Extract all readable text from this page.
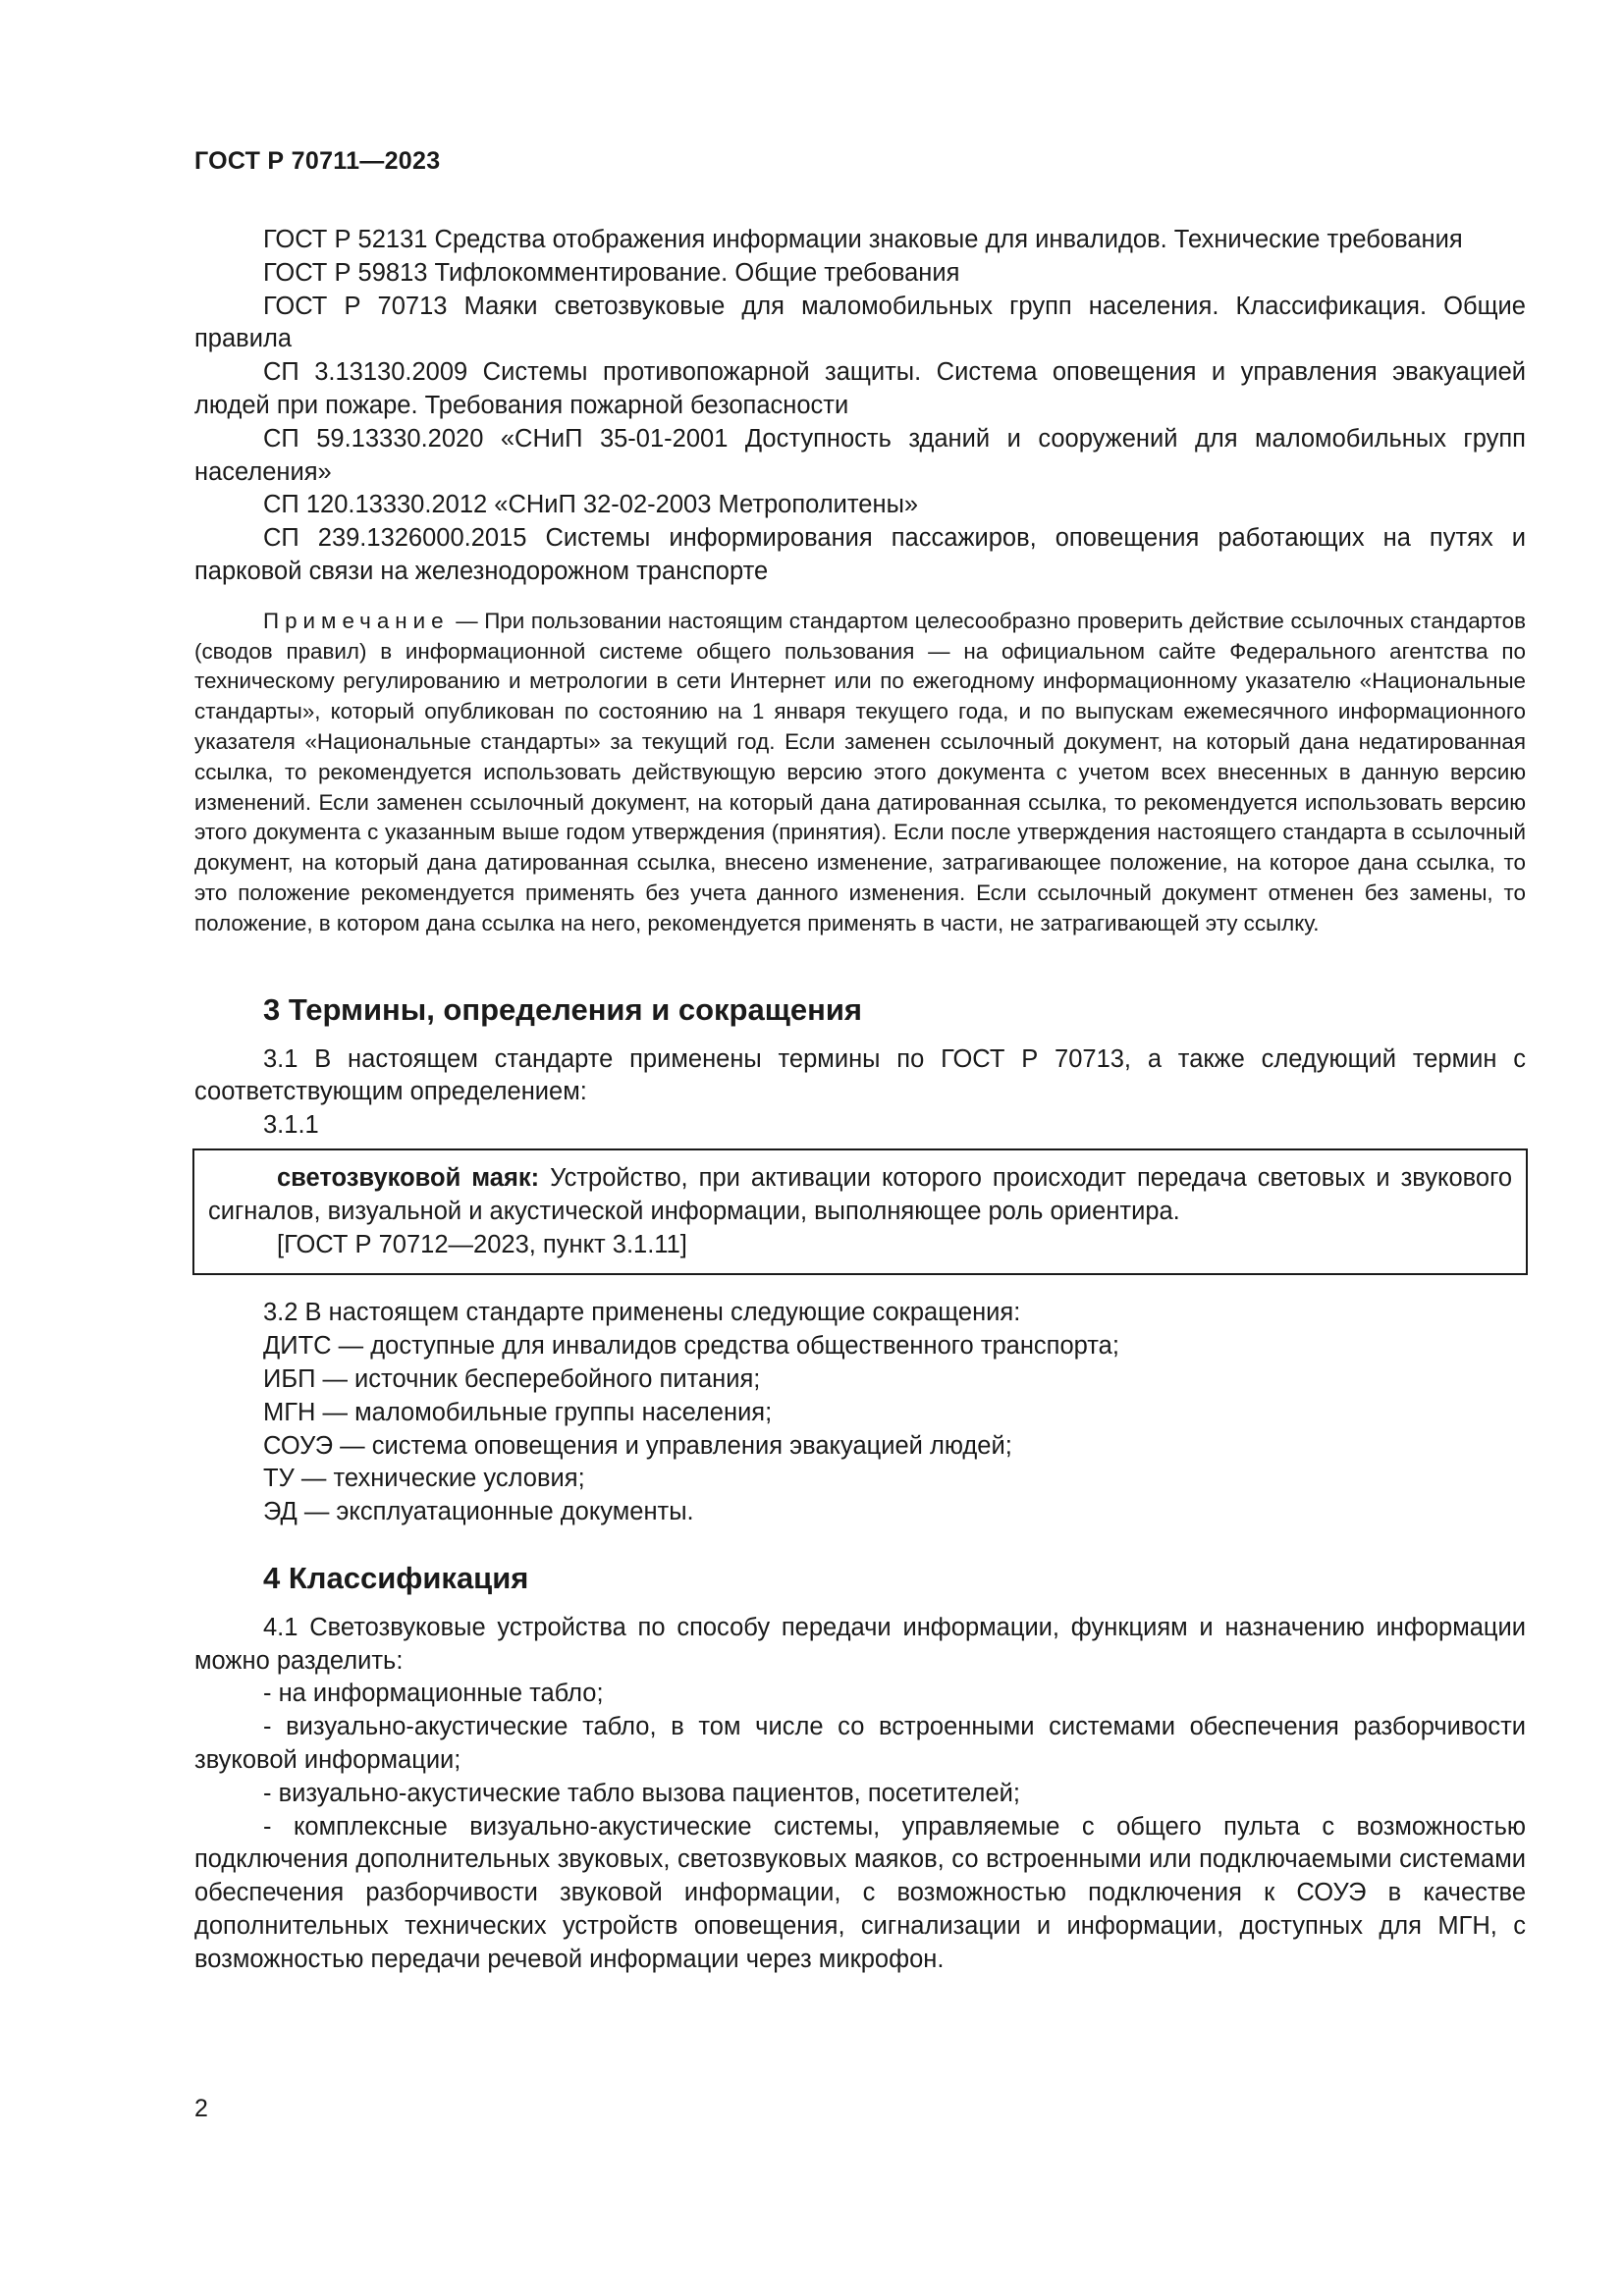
ГОСТ Р 70711—2023

ГОСТ Р 52131 Средства отображения информации знаковые для инвалидов. Технические требования

ГОСТ Р 59813 Тифлокомментирование. Общие требования

ГОСТ Р 70713 Маяки светозвуковые для маломобильных групп населения. Классификация. Общие правила

СП 3.13130.2009 Системы противопожарной защиты. Система оповещения и управления эвакуацией людей при пожаре. Требования пожарной безопасности

СП 59.13330.2020 «СНиП 35-01-2001 Доступность зданий и сооружений для маломобильных групп населения»

СП 120.13330.2012 «СНиП 32-02-2003 Метрополитены»

СП 239.1326000.2015 Системы информирования пассажиров, оповещения работающих на путях и парковой связи на железнодорожном транспорте

Примечание — При пользовании настоящим стандартом целесообразно проверить действие ссылочных стандартов (сводов правил) в информационной системе общего пользования — на официальном сайте Федерального агентства по техническому регулированию и метрологии в сети Интернет или по ежегодному информационному указателю «Национальные стандарты», который опубликован по состоянию на 1 января текущего года, и по выпускам ежемесячного информационного указателя «Национальные стандарты» за текущий год. Если заменен ссылочный документ, на который дана недатированная ссылка, то рекомендуется использовать действующую версию этого документа с учетом всех внесенных в данную версию изменений. Если заменен ссылочный документ, на который дана датированная ссылка, то рекомендуется использовать версию этого документа с указанным выше годом утверждения (принятия). Если после утверждения настоящего стандарта в ссылочный документ, на который дана датированная ссылка, внесено изменение, затрагивающее положение, на которое дана ссылка, то это положение рекомендуется применять без учета данного изменения. Если ссылочный документ отменен без замены, то положение, в котором дана ссылка на него, рекомендуется применять в части, не затрагивающей эту ссылку.

3 Термины, определения и сокращения

3.1 В настоящем стандарте применены термины по ГОСТ Р 70713, а также следующий термин с соответствующим определением:

3.1.1

светозвуковой маяк: Устройство, при активации которого происходит передача световых и звукового сигналов, визуальной и акустической информации, выполняющее роль ориентира.

[ГОСТ Р 70712—2023, пункт 3.1.11]

3.2 В настоящем стандарте применены следующие сокращения:

ДИТС — доступные для инвалидов средства общественного транспорта;

ИБП — источник бесперебойного питания;

МГН — маломобильные группы населения;

СОУЭ — система оповещения и управления эвакуацией людей;

ТУ — технические условия;

ЭД — эксплуатационные документы.

4 Классификация

4.1 Светозвуковые устройства по способу передачи информации, функциям и назначению информации можно разделить:

- на информационные табло;

- визуально-акустические табло, в том числе со встроенными системами обеспечения разборчивости звуковой информации;

- визуально-акустические табло вызова пациентов, посетителей;

- комплексные визуально-акустические системы, управляемые с общего пульта с возможностью подключения дополнительных звуковых, светозвуковых маяков, со встроенными или подключаемыми системами обеспечения разборчивости звуковой информации, с возможностью подключения к СОУЭ в качестве дополнительных технических устройств оповещения, сигнализации и информации, доступных для МГН, с возможностью передачи речевой информации через микрофон.

2
